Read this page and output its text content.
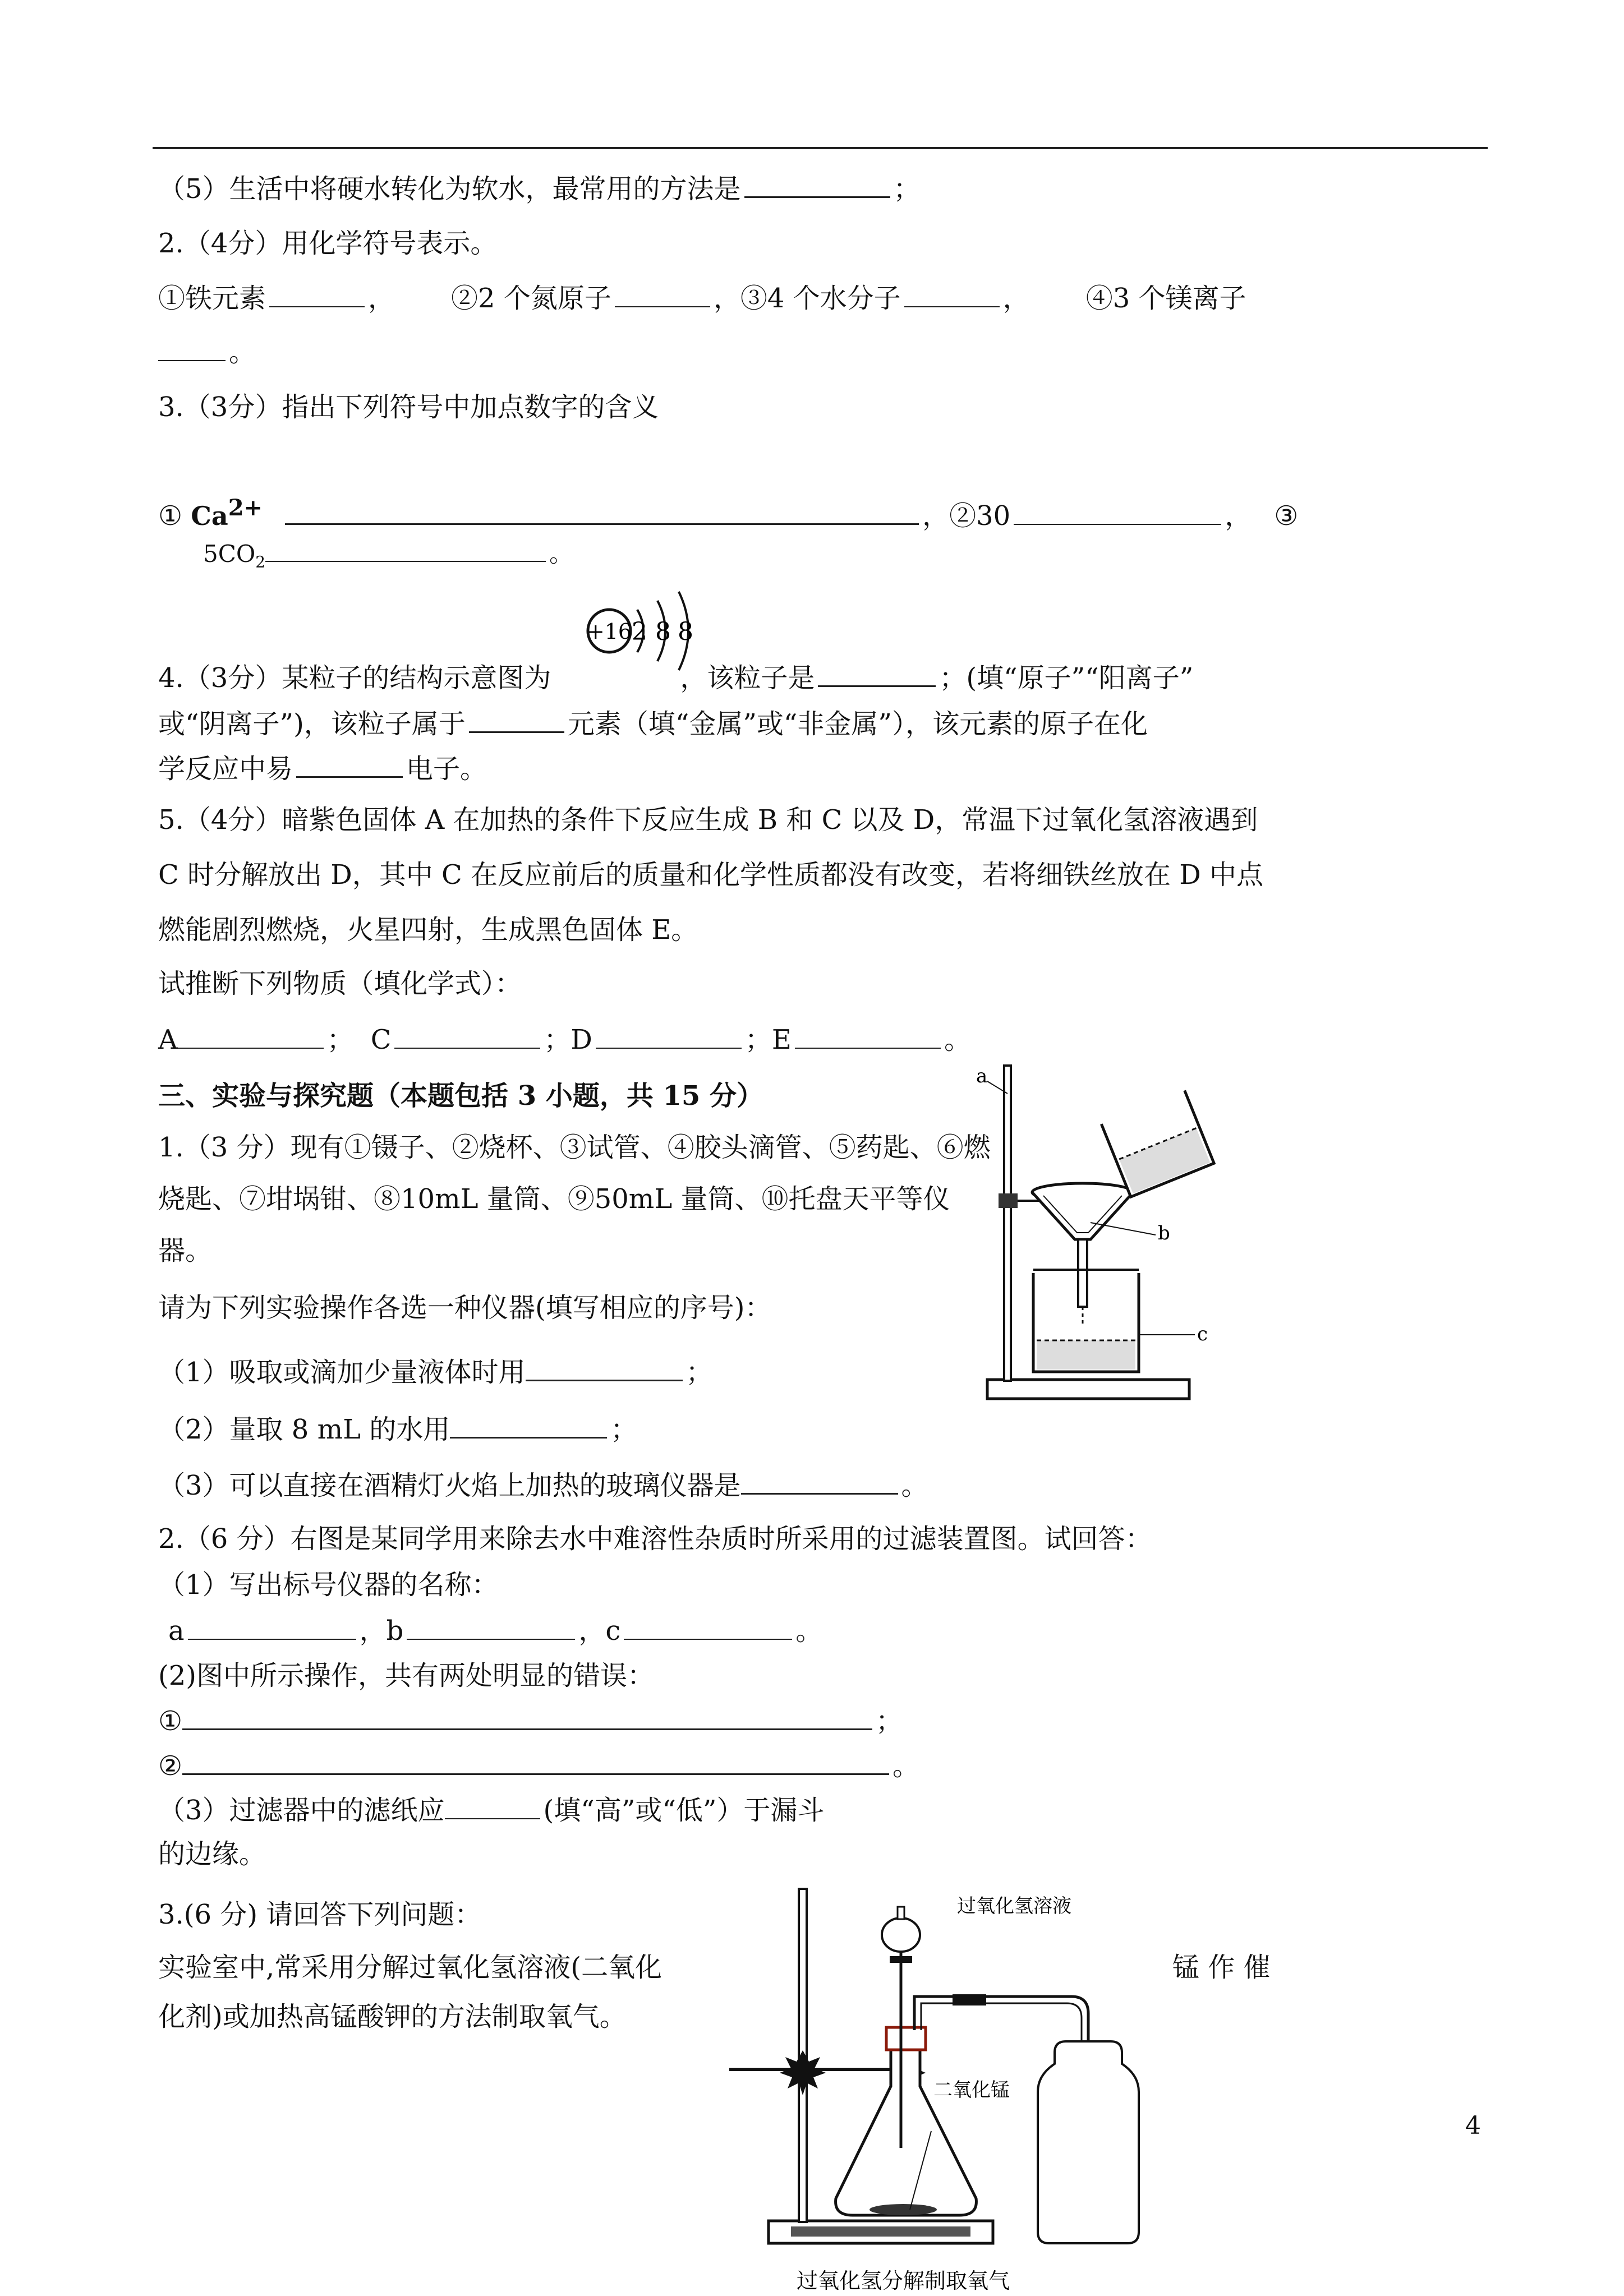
（5）生活中将硬水转化为软水，最常用的方法是	；
2.（4分）用化学符号表示。
①铁元素	， ②2 个氮原子	，③4 个水分子	， ④3 个镁离子
。
3.（3分）指出下列符号中加点数字的含义
① $Ca^{2+}$	，②30	， ③
$5CO_2$	。
+16 2 8 8
4.（3分）某粒子的结构示意图为	，该粒子是	；(填“原子”“阳离子”
或“阴离子”)，该粒子属于	元素（填“金属”或“非金属”），该元素的原子在化
学反应中易	电子。
5.（4分）暗紫色固体 A 在加热的条件下反应生成 B 和 C 以及 D，常温下过氧化氢溶液遇到
C 时分解放出 D，其中 C 在反应前后的质量和化学性质都没有改变，若将细铁丝放在 D 中点
燃能剧烈燃烧，火星四射，生成黑色固体 E。
试推断下列物质（填化学式）：
A	； C	；D	；E	。
三、实验与探究题（本题包括 3 小题，共 15 分）
1.（3 分）现有①镊子、②烧杯、③试管、④胶头滴管、⑤药匙、⑥燃
烧匙、⑦坩埚钳、⑧10mL 量筒、⑨50mL 量筒、⑩托盘天平等仪
器。
请为下列实验操作各选一种仪器(填写相应的序号)：
（1）吸取或滴加少量液体时用	；
（2）量取 8 mL 的水用	；
（3）可以直接在酒精灯火焰上加热的玻璃仪器是	。
a
b
c
2.（6 分）右图是某同学用来除去水中难溶性杂质时所采用的过滤装置图。试回答：
（1）写出标号仪器的名称：
a	，b	，c	。
(2)图中所示操作，共有两处明显的错误：
①	；
②	。
（3）过滤器中的滤纸应	(填“高”或“低”）于漏斗
的边缘。
3.(6 分) 请回答下列问题：
实验室中,常采用分解过氧化氢溶液(二氧化	锰 作 催
化剂)或加热高锰酸钾的方法制取氧气。
过氧化氢溶液
二氧化锰
过氧化氢分解制取氧气
4
